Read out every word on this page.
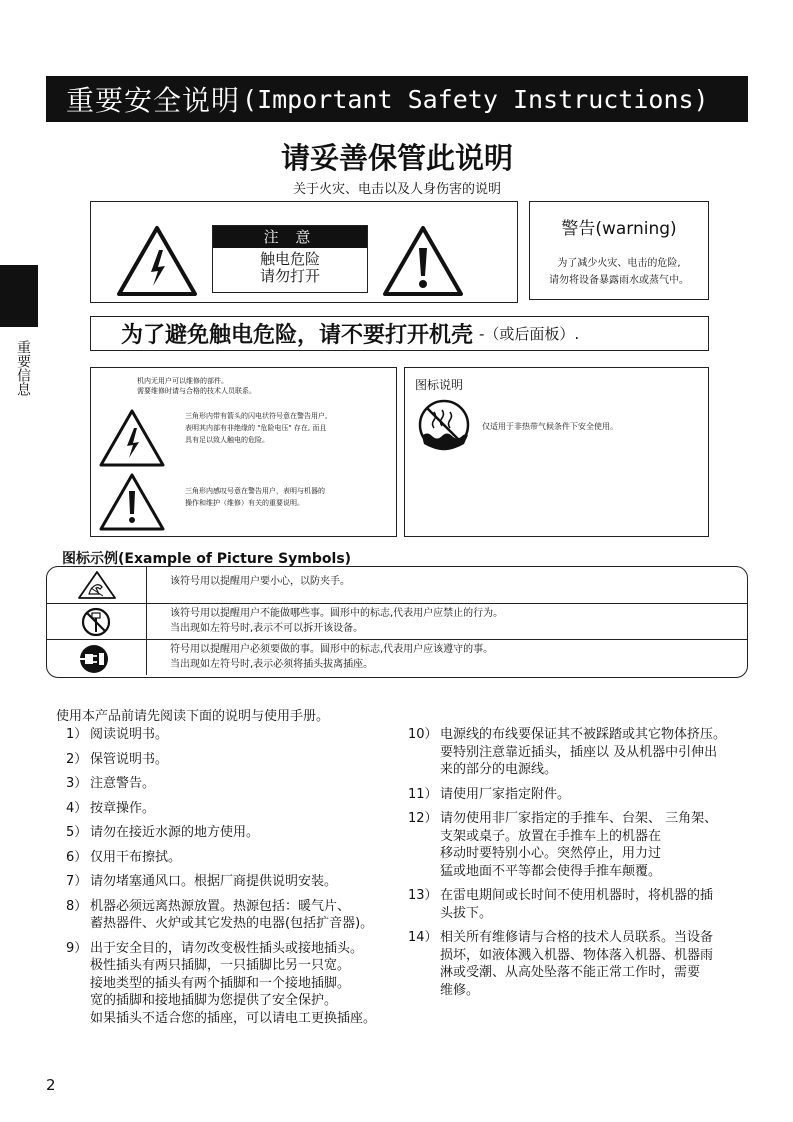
重要信息
重要安全说明 (Important Safety Instructions)
请妥善保管此说明
关于火灾、电击以及人身伤害的说明
注 意
触电危险
请勿打开
警告(warning)
为了减少火灾、电击的危险,
请勿将设备暴露雨水或蒸气中。
为了避免触电危险，请不要打开机壳 -（或后面板）.
机内无用户可以维修的部件。
需要维修时请与合格的技术人员联系。
三角形内带有箭头的闪电状符号意在警告用户,
表明其内部有非绝缘的 "危险电压" 存在, 而且
具有足以致人触电的危险。
三角形内感叹号意在警告用户，表明与机器的
操作和维护（维修）有关的重要说明。
图标说明
仅适用于非热带气候条件下安全使用。
图标示例(Example of Picture Symbols)
该符号用以提醒用户要小心，以防夹手。
该符号用以提醒用户不能做哪些事。圆形中的标志,代表用户应禁止的行为。
当出现如左符号时,表示不可以拆开该设备。
符号用以提醒用户必须要做的事。圆形中的标志,代表用户应该遵守的事。
当出现如左符号时,表示必须将插头拔离插座。
使用本产品前请先阅读下面的说明与使用手册。
1） 阅读说明书。
2） 保管说明书。
3） 注意警告。
4） 按章操作。
5） 请勿在接近水源的地方使用。
6） 仅用干布擦拭。
7） 请勿堵塞通风口。根据厂商提供说明安装。
8） 机器必须远离热源放置。热源包括：暖气片、
蓄热器件、火炉或其它发热的电器(包括扩音器)。
9） 出于安全目的，请勿改变极性插头或接地插头。
极性插头有两只插脚，一只插脚比另一只宽。
接地类型的插头有两个插脚和一个接地插脚。
宽的插脚和接地插脚为您提供了安全保护。
如果插头不适合您的插座，可以请电工更换插座。
10） 电源线的布线要保证其不被踩踏或其它物体挤压。
要特别注意靠近插头，插座以 及从机器中引伸出
来的部分的电源线。
11） 请使用厂家指定附件。
12） 请勿使用非厂家指定的手推车、台架、 三角架、
支架或桌子。放置在手推车上的机器在
移动时要特别小心。突然停止，用力过
猛或地面不平等都会使得手推车颠覆。
13） 在雷电期间或长时间不使用机器时，将机器的插
头拔下。
14） 相关所有维修请与合格的技术人员联系。当设备
损坏，如液体溅入机器、物体落入机器、机器雨
淋或受潮、从高处坠落不能正常工作时，需要
维修。
2
